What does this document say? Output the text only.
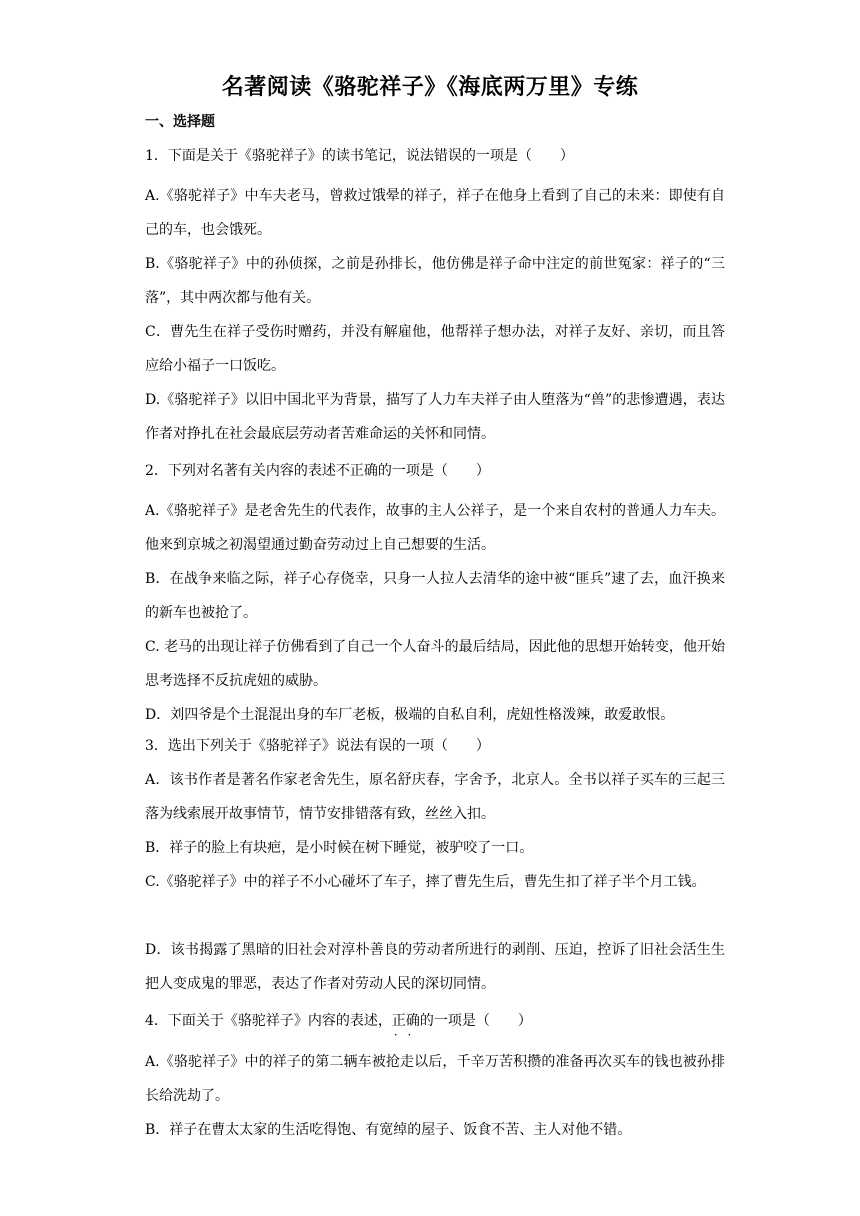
名著阅读《骆驼祥子》《海底两万里》专练
一、选择题
1．下面是关于《骆驼祥子》的读书笔记，说法错误的一项是（　　）
A.《骆驼祥子》中车夫老马，曾救过饿晕的祥子，祥子在他身上看到了自己的未来：即使有自己的车，也会饿死。
B.《骆驼祥子》中的孙侦探，之前是孙排长，他仿佛是祥子命中注定的前世冤家：祥子的“三落”，其中两次都与他有关。
C．曹先生在祥子受伤时赠药，并没有解雇他，他帮祥子想办法，对祥子友好、亲切，而且答应给小福子一口饭吃。
D.《骆驼祥子》以旧中国北平为背景，描写了人力车夫祥子由人堕落为“兽”的悲惨遭遇，表达作者对挣扎在社会最底层劳动者苦难命运的关怀和同情。
2．下列对名著有关内容的表述不正确的一项是（　　）
A.《骆驼祥子》是老舍先生的代表作，故事的主人公祥子，是一个来自农村的普通人力车夫。他来到京城之初渴望通过勤奋劳动过上自己想要的生活。
B．在战争来临之际，祥子心存侥幸，只身一人拉人去清华的途中被“匪兵”逮了去，血汗换来的新车也被抢了。
C. 老马的出现让祥子仿佛看到了自己一个人奋斗的最后结局，因此他的思想开始转变，他开始思考选择不反抗虎妞的威胁。
D．刘四爷是个土混混出身的车厂老板，极端的自私自利，虎妞性格泼辣，敢爱敢恨。
3．选出下列关于《骆驼祥子》说法有误的一项（　　）
A．该书作者是著名作家老舍先生，原名舒庆春，字舍予，北京人。全书以祥子买车的三起三落为线索展开故事情节，情节安排错落有致，丝丝入扣。
B．祥子的脸上有块疤，是小时候在树下睡觉，被驴咬了一口。
C.《骆驼祥子》中的祥子不小心碰坏了车子，摔了曹先生后，曹先生扣了祥子半个月工钱。
D．该书揭露了黑暗的旧社会对淳朴善良的劳动者所进行的剥削、压迫，控诉了旧社会活生生把人变成鬼的罪恶，表达了作者对劳动人民的深切同情。
4．下面关于《骆驼祥子》内容的表述，正确 · ·的一项是（　　）
A.《骆驼祥子》中的祥子的第二辆车被抢走以后，千辛万苦积攒的准备再次买车的钱也被孙排长给洗劫了。
B．祥子在曹太太家的生活吃得饱、有宽绰的屋子、饭食不苦、主人对他不错。
